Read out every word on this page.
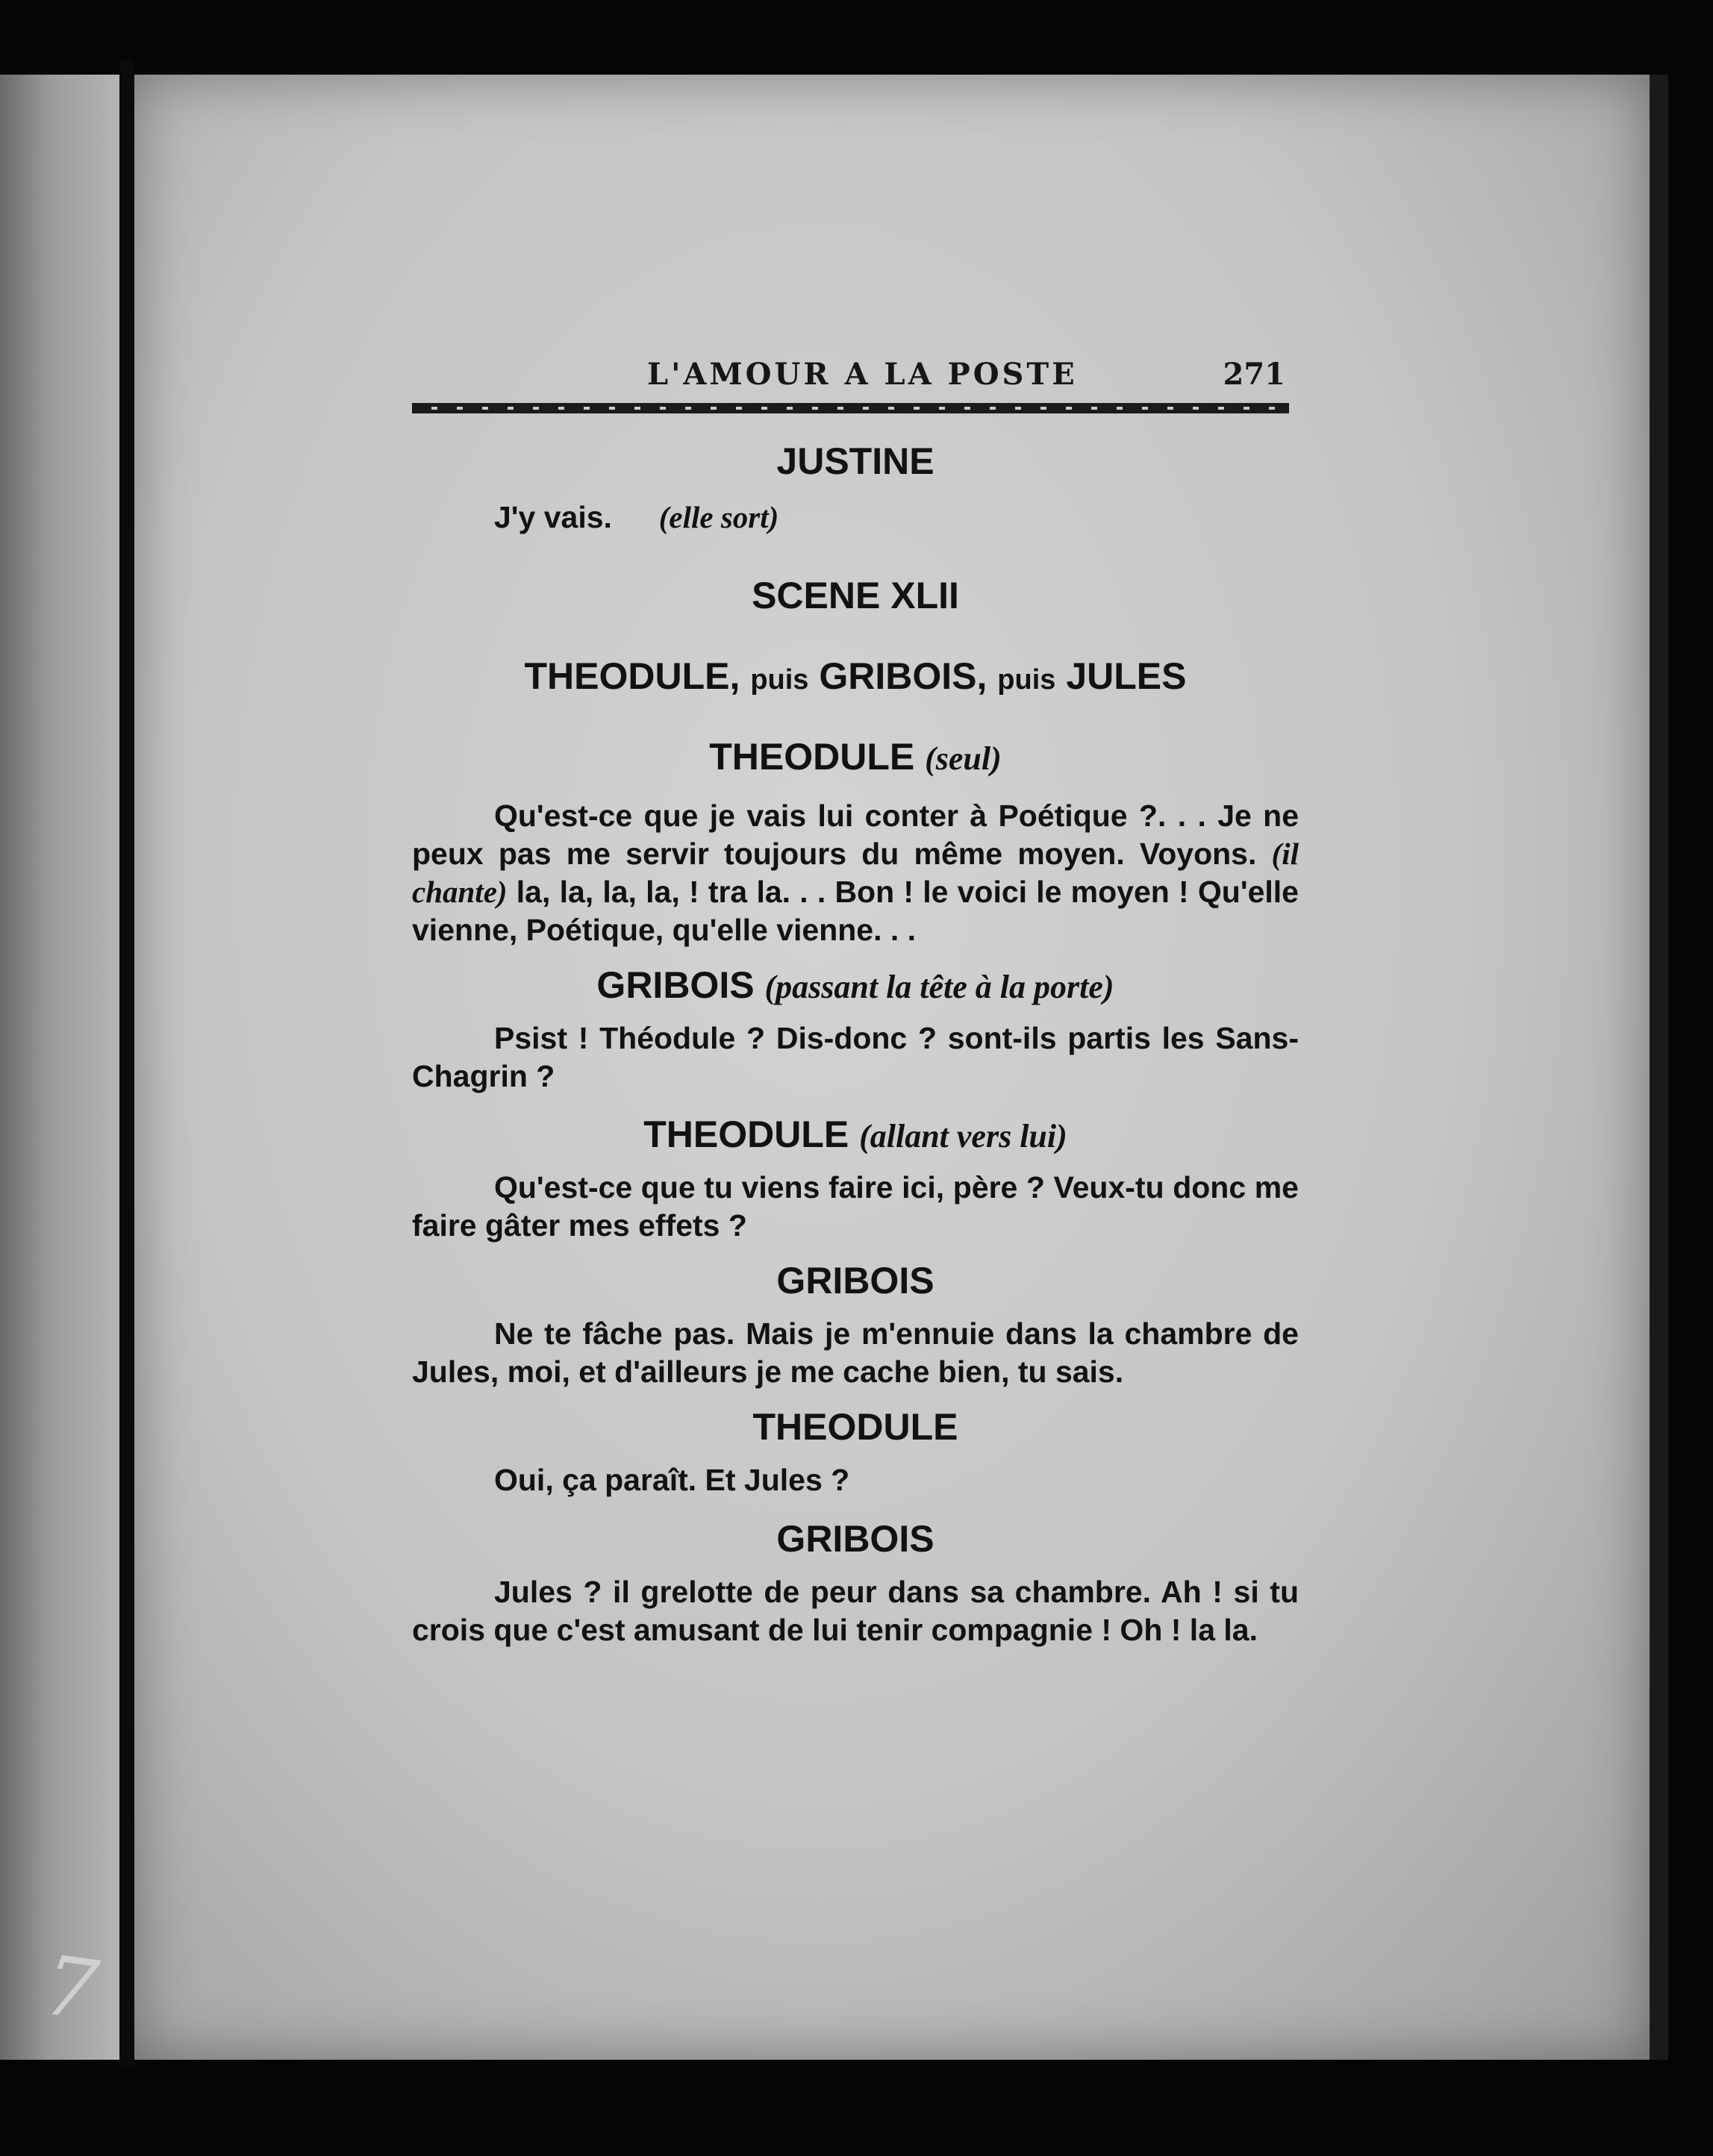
7
L'AMOUR A LA POSTE	271
JUSTINE
J'y vais. (elle sort)
SCENE XLII
THEODULE, puis GRIBOIS, puis JULES
THEODULE (seul)
Qu'est-ce que je vais lui conter à Poétique ?. . . Je ne peux pas me servir toujours du même moyen. Voyons. (il chante) la, la, la, la, ! tra la. . . Bon ! le voici le moyen ! Qu'elle vienne, Poétique, qu'elle vienne. . .
GRIBOIS (passant la tête à la porte)
Psist ! Théodule ? Dis-donc ? sont-ils partis les Sans-Chagrin ?
THEODULE (allant vers lui)
Qu'est-ce que tu viens faire ici, père ? Veux-tu donc me faire gâter mes effets ?
GRIBOIS
Ne te fâche pas. Mais je m'ennuie dans la chambre de Jules, moi, et d'ailleurs je me cache bien, tu sais.
THEODULE
Oui, ça paraît. Et Jules ?
GRIBOIS
Jules ? il grelotte de peur dans sa chambre. Ah ! si tu crois que c'est amusant de lui tenir compagnie ! Oh ! la la.
